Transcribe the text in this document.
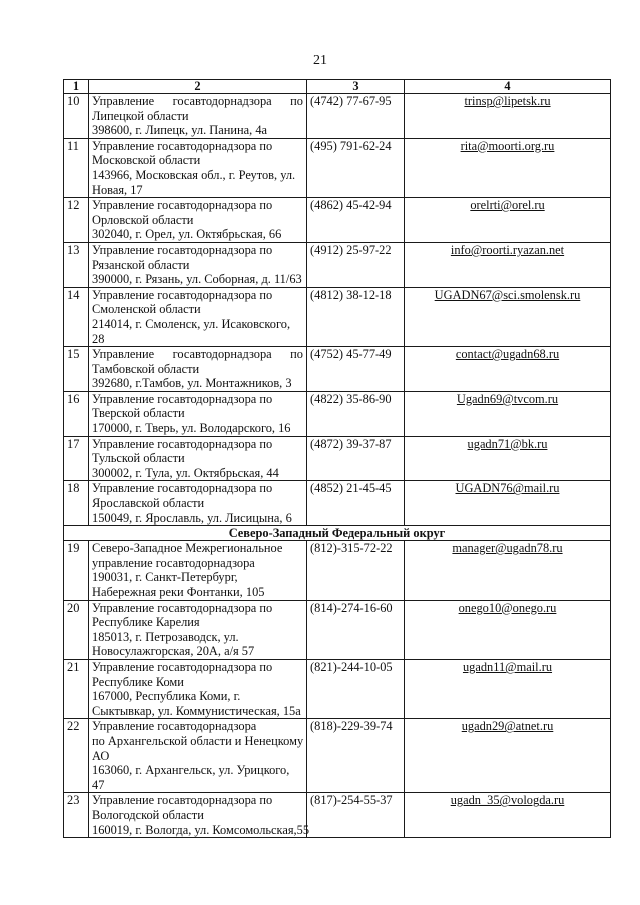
21
1	2	3	4
10	Управление госавтодорнадзора по
Липецкой области
398600, г. Липецк, ул. Панина, 4а	(4742) 77-67-95	trinsp@lipetsk.ru
11	Управление госавтодорнадзора по
Московской области
143966, Московская обл., г. Реутов, ул.
Новая, 17	(495) 791-62-24	rita@moorti.org.ru
12	Управление госавтодорнадзора по
Орловской области
302040, г. Орел, ул. Октябрьская, 66	(4862) 45-42-94	orelrti@orel.ru
13	Управление госавтодорнадзора по
Рязанской области
390000, г. Рязань, ул. Соборная, д. 11/63	(4912) 25-97-22	info@roorti.ryazan.net
14	Управление госавтодорнадзора по
Смоленской области
214014, г. Смоленск, ул. Исаковского,
28	(4812) 38-12-18	UGADN67@sci.smolensk.ru
15	Управление госавтодорнадзора по
Тамбовской области
392680, г.Тамбов, ул. Монтажников, 3	(4752) 45-77-49	contact@ugadn68.ru
16	Управление госавтодорнадзора по
Тверской области
170000, г. Тверь, ул. Володарского, 16	(4822) 35-86-90	Ugadn69@tvcom.ru
17	Управление госавтодорнадзора по
Тульской области
300002, г. Тула, ул. Октябрьская, 44	(4872) 39-37-87	ugadn71@bk.ru
18	Управление госавтодорнадзора по
Ярославской области
150049, г. Ярославль, ул. Лисицына, 6	(4852) 21-45-45	UGADN76@mail.ru
Северо-Западный Федеральный округ			
19	Северо-Западное Межрегиональное
управление госавтодорнадзора
190031, г. Санкт-Петербург,
Набережная реки Фонтанки, 105	(812)-315-72-22	manager@ugadn78.ru
20	Управление госавтодорнадзора по
Республике Карелия
185013, г. Петрозаводск, ул.
Новосулажгорская, 20А, а/я 57	(814)-274-16-60	onego10@onego.ru
21	Управление госавтодорнадзора по
Республике Коми
167000, Республика Коми, г.
Сыктывкар, ул. Коммунистическая, 15а	(821)-244-10-05	ugadn11@mail.ru
22	Управление госавтодорнадзора
по Архангельской области и Ненецкому
АО
163060, г. Архангельск, ул. Урицкого,
47	(818)-229-39-74	ugadn29@atnet.ru
23	Управление госавтодорнадзора по
Вологодской области
160019, г. Вологда, ул. Комсомольская,55	(817)-254-55-37	ugadn_35@vologda.ru
